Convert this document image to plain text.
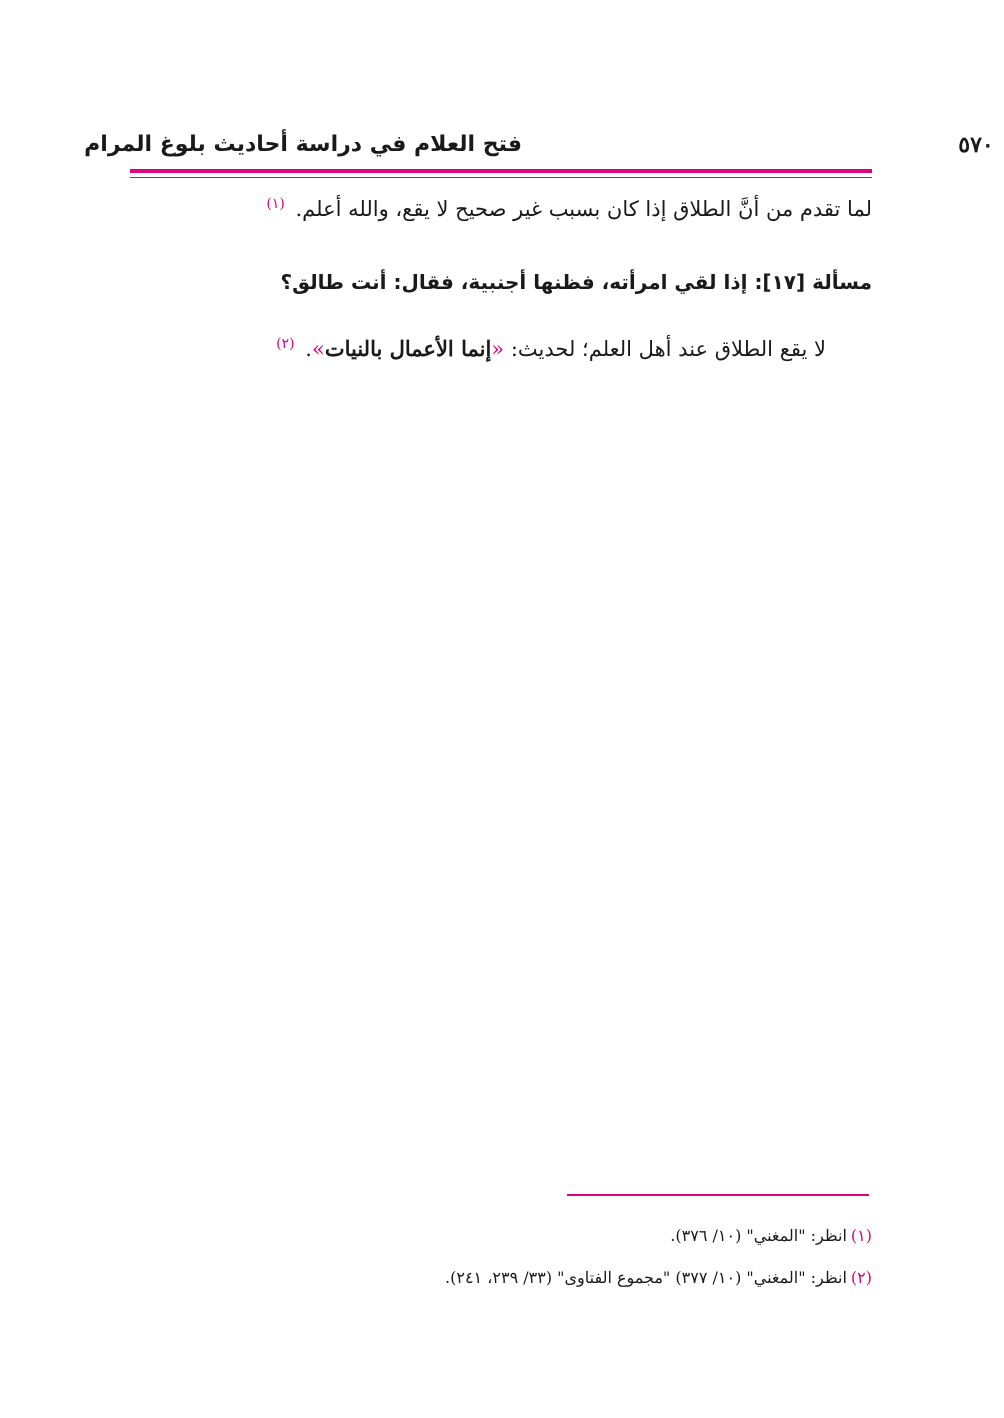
٥٧٠
فتح العلام في دراسة أحاديث بلوغ المرام
لما تقدم من أنَّ الطلاق إذا كان بسبب غير صحيح لا يقع، والله أعلم. $^{(١)}$
مسألة [١٧]: إذا لقي امرأته، فظنها أجنبية، فقال: أنت طالق؟
لا يقع الطلاق عند أهل العلم؛ لحديث: «إنما الأعمال بالنيات». $^{(٢)}$
(١)انظر: "المغني" (١٠/ ٣٧٦).
(٢)انظر: "المغني" (١٠/ ٣٧٧) "مجموع الفتاوى" (٣٣/ ٢٣٩، ٢٤١).
